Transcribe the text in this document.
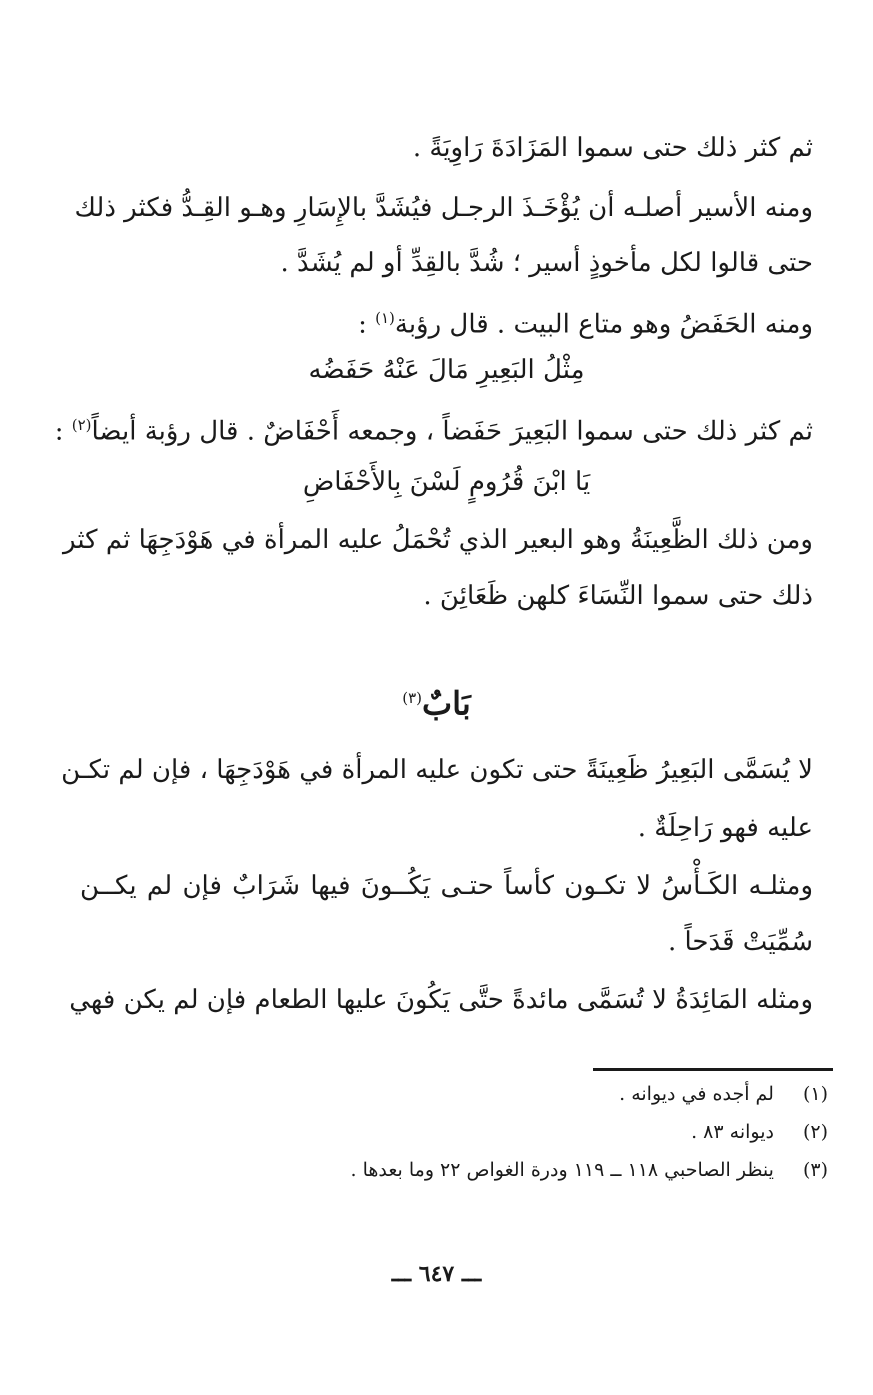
ثم كثر ذلك حتى سموا المَزَادَةَ رَاوِيَةً .
ومنه الأسير أصلـه أن يُؤْخَـذَ الرجـل فيُشَدَّ بالإِسَارِ وهـو القِـدُّ فكثر ذلك
حتى قالوا لكل مأخوذٍ أسير ؛ شُدَّ بالقِدِّ أو لم يُشَدَّ .
ومنه الحَفَضُ وهو متاع البيت . قال رؤبة$^{(١)}$ :
مِثْلُ البَعِيرِ مَالَ عَنْهُ حَفَضُه
ثم كثر ذلك حتى سموا البَعِيرَ حَفَضاً ، وجمعه أَحْفَاضٌ . قال رؤبة أيضاً$^{(٢)}$ :
يَا ابْنَ قُرُومٍ لَسْنَ بِالأَحْفَاضِ
ومن ذلك الظَّعِينَةُ وهو البعير الذي تُحْمَلُ عليه المرأة في هَوْدَجِهَا ثم كثر
ذلك حتى سموا النِّسَاءَ كلهن ظَعَائِنَ .
بَابٌ$^{(٣)}$
لا يُسَمَّى البَعِيرُ ظَعِينَةً حتى تكون عليه المرأة في هَوْدَجِهَا ، فإن لم تكـن
عليه فهو رَاحِلَةٌ .
ومثلـه الكَـأْسُ لا تكـون كأساً حتـى يَكُــونَ فيها شَرَابٌ فإن لم يكــن
سُمِّيَتْ قَدَحاً .
ومثله المَائِدَةُ لا تُسَمَّى مائدةً حتَّى يَكُونَ عليها الطعام فإن لم يكن فهي
(١) لم أجده في ديوانه .
(٢) ديوانه ٨٣ .
(٣) ينظر الصاحبي ١١٨ ــ ١١٩ ودرة الغواص ٢٢ وما بعدها .
ـــ ٦٤٧ ـــ
